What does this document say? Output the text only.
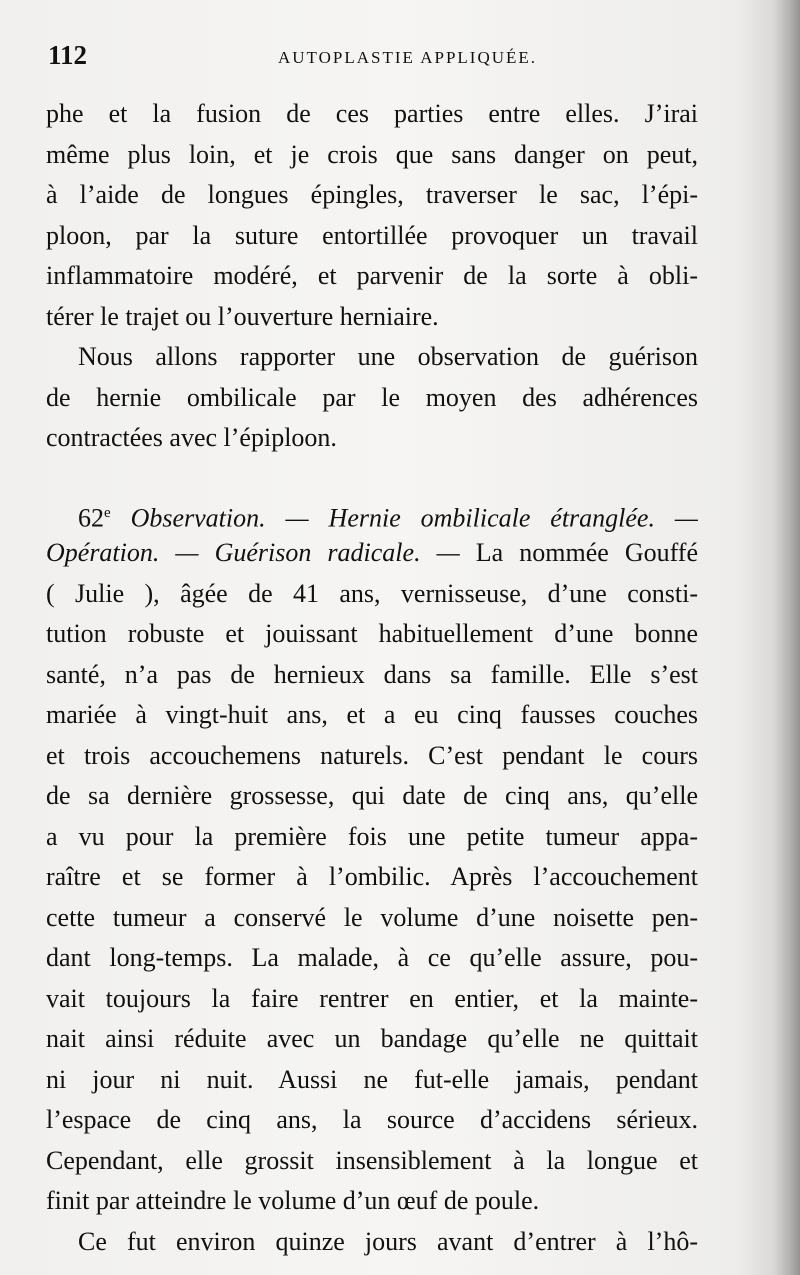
112	AUTOPLASTIE APPLIQUÉE.
phe et la fusion de ces parties entre elles. J’irai
même plus loin, et je crois que sans danger on peut,
à l’aide de longues épingles, traverser le sac, l’épi-
ploon, par la suture entortillée provoquer un travail
inflammatoire modéré, et parvenir de la sorte à obli-
térer le trajet ou l’ouverture herniaire.
Nous allons rapporter une observation de guérison
de hernie ombilicale par le moyen des adhérences
contractées avec l’épiploon.
62e Observation. — Hernie ombilicale étranglée. —
Opération. — Guérison radicale. — La nommée Gouffé
( Julie ), âgée de 41 ans, vernisseuse, d’une consti-
tution robuste et jouissant habituellement d’une bonne
santé, n’a pas de hernieux dans sa famille. Elle s’est
mariée à vingt-huit ans, et a eu cinq fausses couches
et trois accouchemens naturels. C’est pendant le cours
de sa dernière grossesse, qui date de cinq ans, qu’elle
a vu pour la première fois une petite tumeur appa-
raître et se former à l’ombilic. Après l’accouchement
cette tumeur a conservé le volume d’une noisette pen-
dant long-temps. La malade, à ce qu’elle assure, pou-
vait toujours la faire rentrer en entier, et la mainte-
nait ainsi réduite avec un bandage qu’elle ne quittait
ni jour ni nuit. Aussi ne fut-elle jamais, pendant
l’espace de cinq ans, la source d’accidens sérieux.
Cependant, elle grossit insensiblement à la longue et
finit par atteindre le volume d’un œuf de poule.
Ce fut environ quinze jours avant d’entrer à l’hô-
